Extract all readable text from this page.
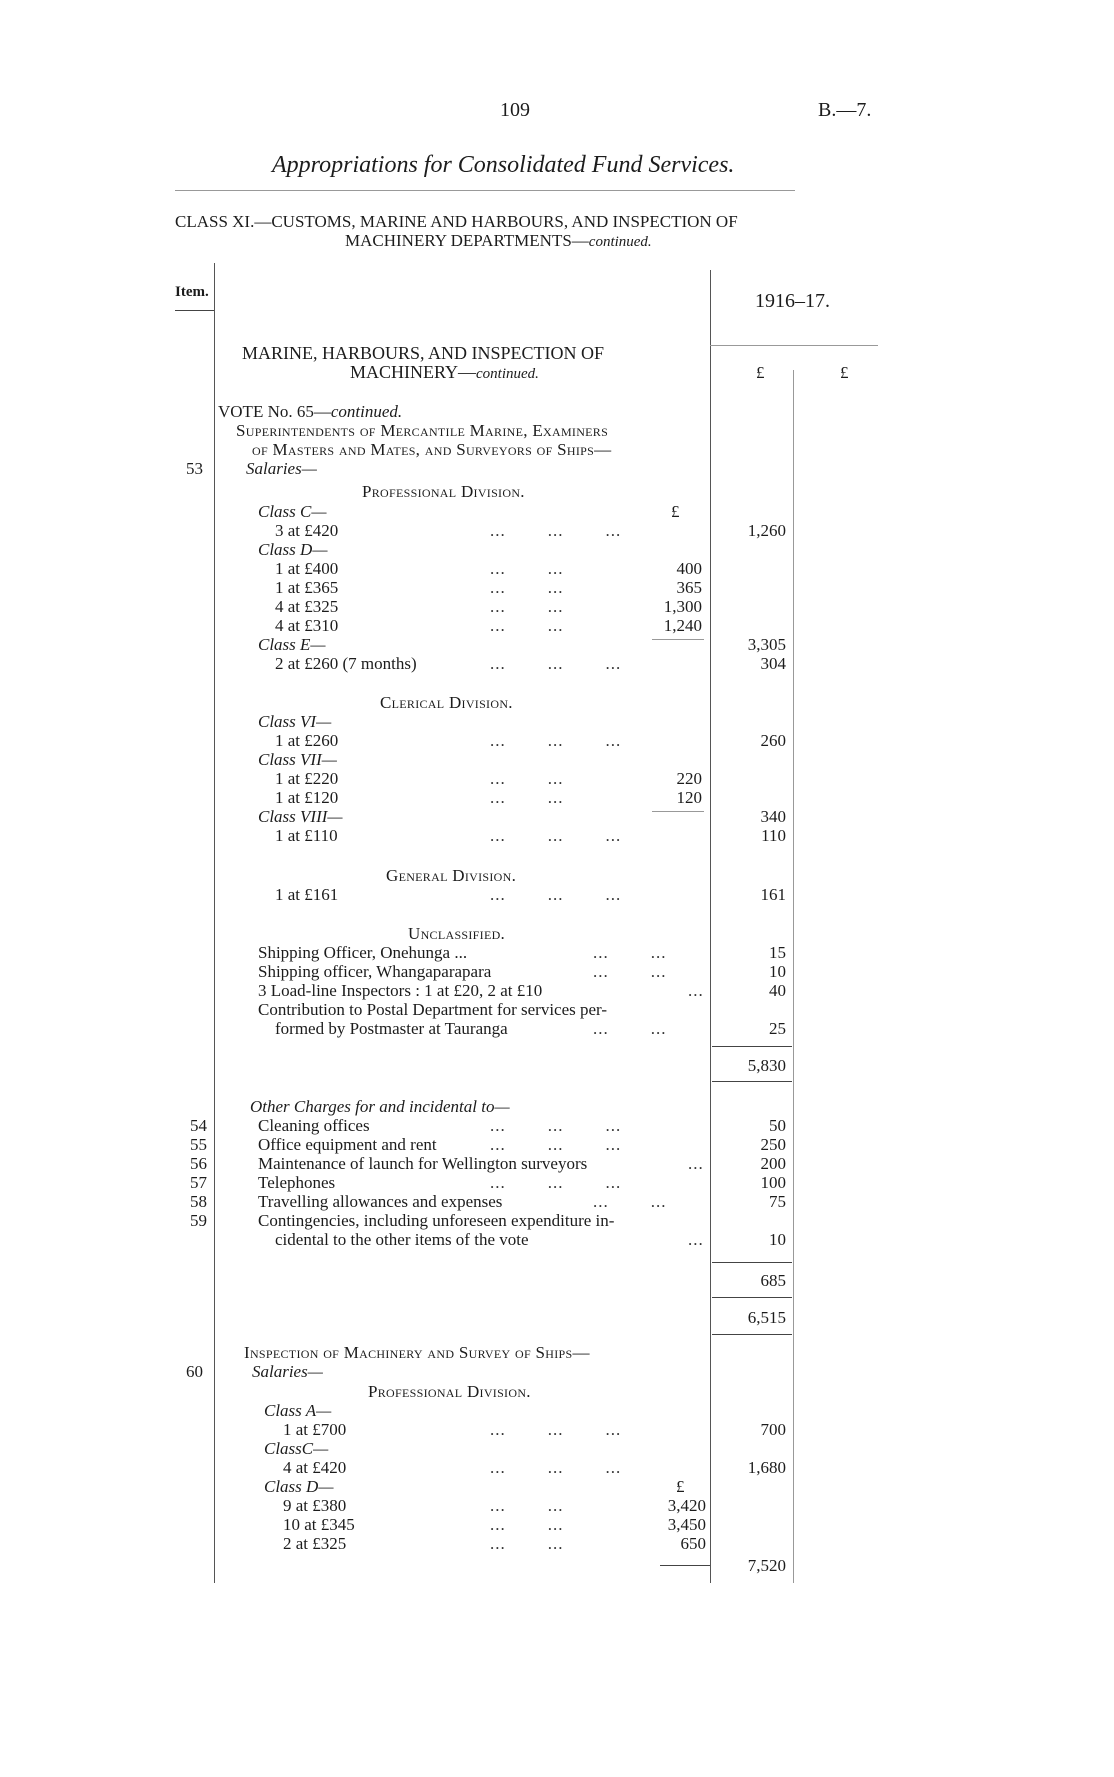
109	B.—7.
Appropriations for Consolidated Fund Services.
CLASS XI.—CUSTOMS, MARINE AND HARBOURS, AND INSPECTION OF
MACHINERY DEPARTMENTS—continued.
Item.	1916–17.
£	£
MARINE, HARBOURS, AND INSPECTION OF
MACHINERY—continued.
VOTE No. 65—continued.
Superintendents of Mercantile Marine, Examiners
of Masters and Mates, and Surveyors of Ships—
Salaries—
53
Professional Division.
Class C—	£
3 at £420	...        ...        ...	1,260
Class D—
1 at £400	...        ...	400
1 at £365	...        ...	365
4 at £325	...        ...	1,300
4 at £310	...        ...	1,240
Class E—	3,305
2 at £260 (7 months)	...        ...        ...	304
Clerical Division.
Class VI—
1 at £260	...        ...        ...	260
Class VII—
1 at £220	...        ...	220
1 at £120	...        ...	120
Class VIII—	340
1 at £110	...        ...        ...	110
General Division.
1 at £161	...        ...        ...	161
Unclassified.
Shipping Officer, Onehunga ...	...        ...	15
Shipping officer, Whangaparapara	...        ...	10
3 Load-line Inspectors : 1 at £20, 2 at £10	...	40
Contribution to Postal Department for services per-
formed by Postmaster at Tauranga	...        ...	25
5,830
Other Charges for and incidental to—
54	Cleaning offices	...        ...        ...	50
55	Office equipment and rent	...        ...        ...	250
56	Maintenance of launch for Wellington surveyors	...	200
57	Telephones	...        ...        ...	100
58	Travelling allowances and expenses	...        ...	75
59	Contingencies, including unforeseen expenditure in-
cidental to the other items of the vote	...	10
685
6,515
Inspection of Machinery and Survey of Ships—
60	Salaries—
Professional Division.
Class A—
1 at £700	...        ...        ...	700
ClassC—
4 at £420	...        ...        ...	1,680
Class D—	£
9 at £380	...        ...	3,420
10 at £345	...        ...	3,450
2 at £325	...        ...	650
7,520
